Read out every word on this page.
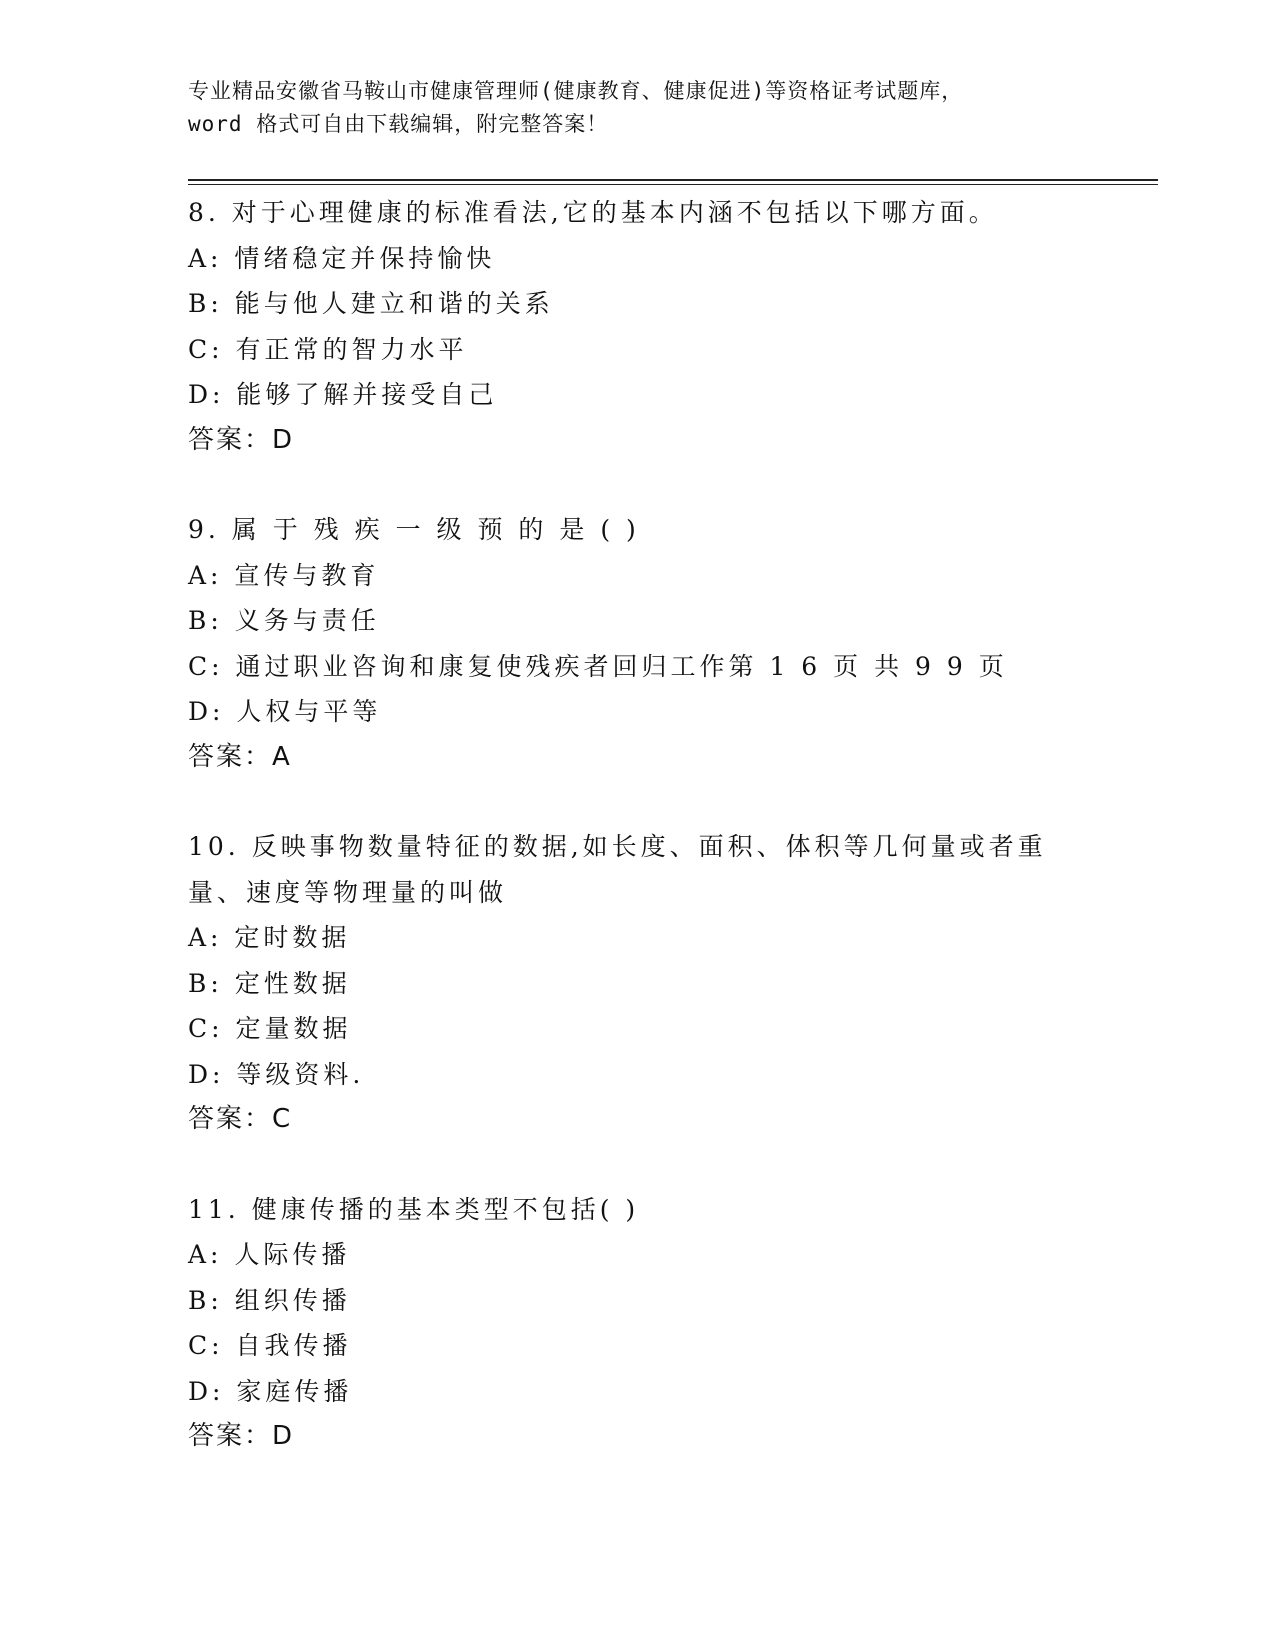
专业精品安徽省马鞍山市健康管理师(健康教育、健康促进)等资格证考试题库，
word 格式可自由下载编辑，附完整答案！
8. 对于心理健康的标准看法,它的基本内涵不包括以下哪方面。
A: 情绪稳定并保持愉快
B: 能与他人建立和谐的关系
C: 有正常的智力水平
D: 能够了解并接受自己
答案：D
9. 属 于 残 疾 一 级 预 的 是 ( )
A: 宣传与教育
B: 义务与责任
C: 通过职业咨询和康复使残疾者回归工作第 1 6 页 共 9 9 页
D: 人权与平等
答案：A
10. 反映事物数量特征的数据,如长度、面积、体积等几何量或者重量、速度等物理量的叫做
A: 定时数据
B: 定性数据
C: 定量数据
D: 等级资料.
答案：C
11. 健康传播的基本类型不包括( )
A: 人际传播
B: 组织传播
C: 自我传播
D: 家庭传播
答案：D
